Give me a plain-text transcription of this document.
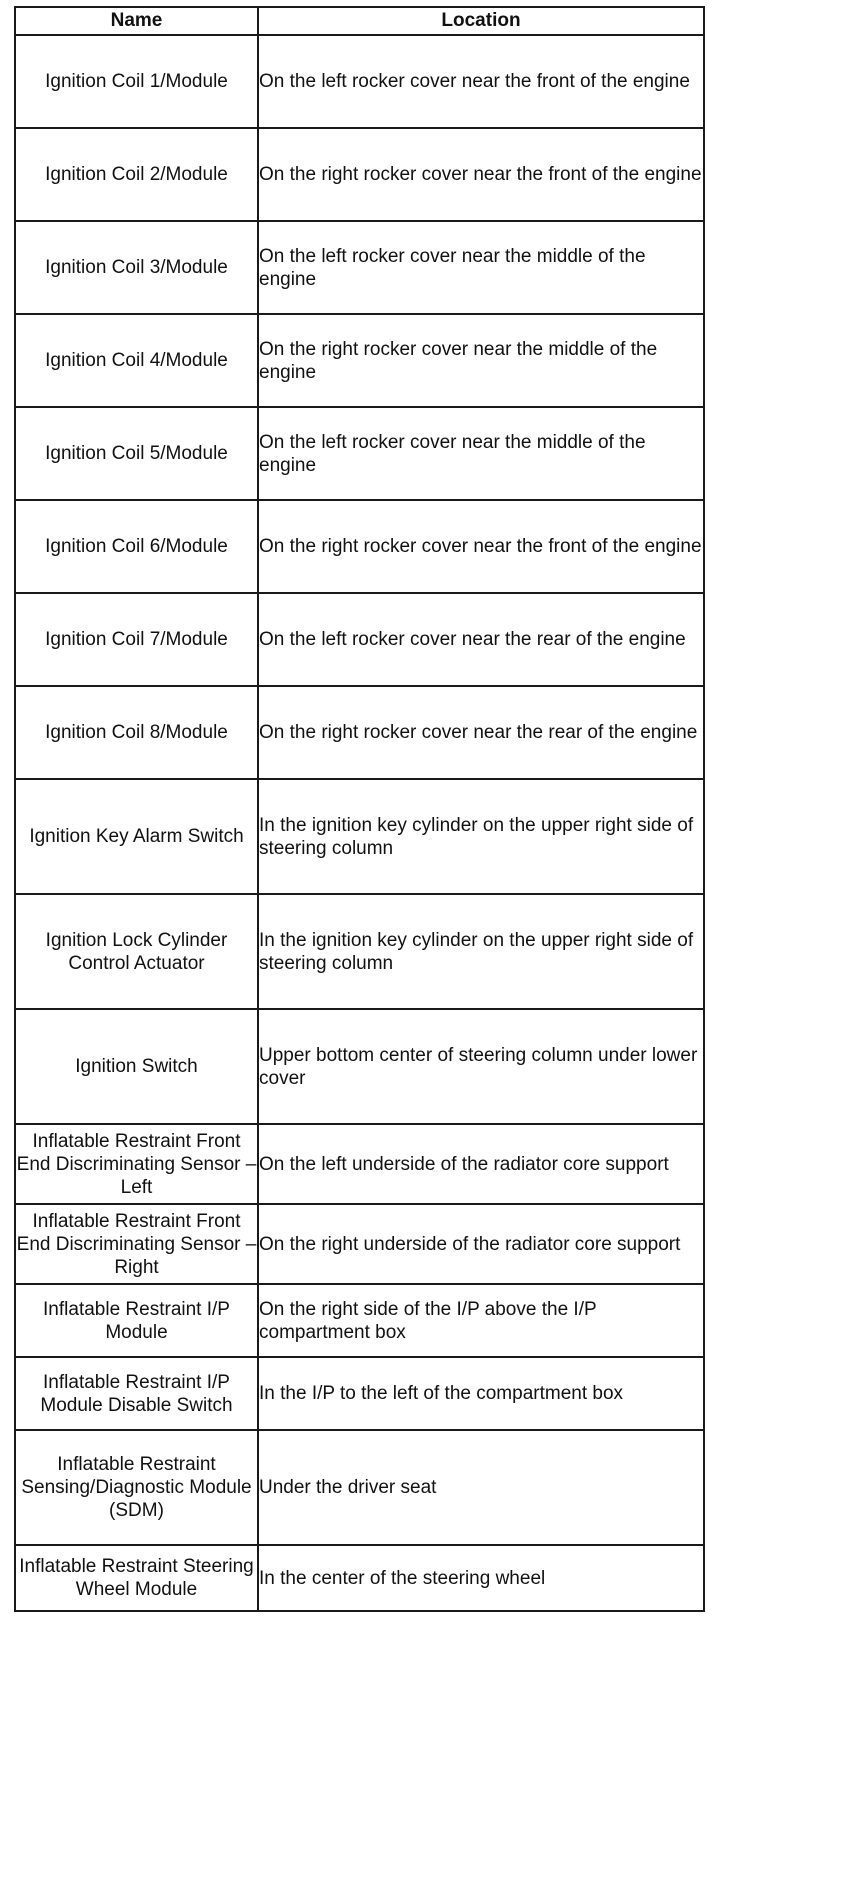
Name	Location
Ignition Coil 1/Module	On the left rocker cover near the front of the engine
Ignition Coil 2/Module	On the right rocker cover near the front of the engine
Ignition Coil 3/Module	On the left rocker cover near the middle of the engine
Ignition Coil 4/Module	On the right rocker cover near the middle of the engine
Ignition Coil 5/Module	On the left rocker cover near the middle of the engine
Ignition Coil 6/Module	On the right rocker cover near the front of the engine
Ignition Coil 7/Module	On the left rocker cover near the rear of the engine
Ignition Coil 8/Module	On the right rocker cover near the rear of the engine
Ignition Key Alarm Switch	In the ignition key cylinder on the upper right side of steering column
Ignition Lock Cylinder Control Actuator	In the ignition key cylinder on the upper right side of steering column
Ignition Switch	Upper bottom center of steering column under lower cover
Inflatable Restraint Front End Discriminating Sensor – Left	On the left underside of the radiator core support
Inflatable Restraint Front End Discriminating Sensor – Right	On the right underside of the radiator core support
Inflatable Restraint I/P Module	On the right side of the I/P above the I/P compartment box
Inflatable Restraint I/P Module Disable Switch	In the I/P to the left of the compartment box
Inflatable Restraint Sensing/Diagnostic Module (SDM)	Under the driver seat
Inflatable Restraint Steering Wheel Module	In the center of the steering wheel
